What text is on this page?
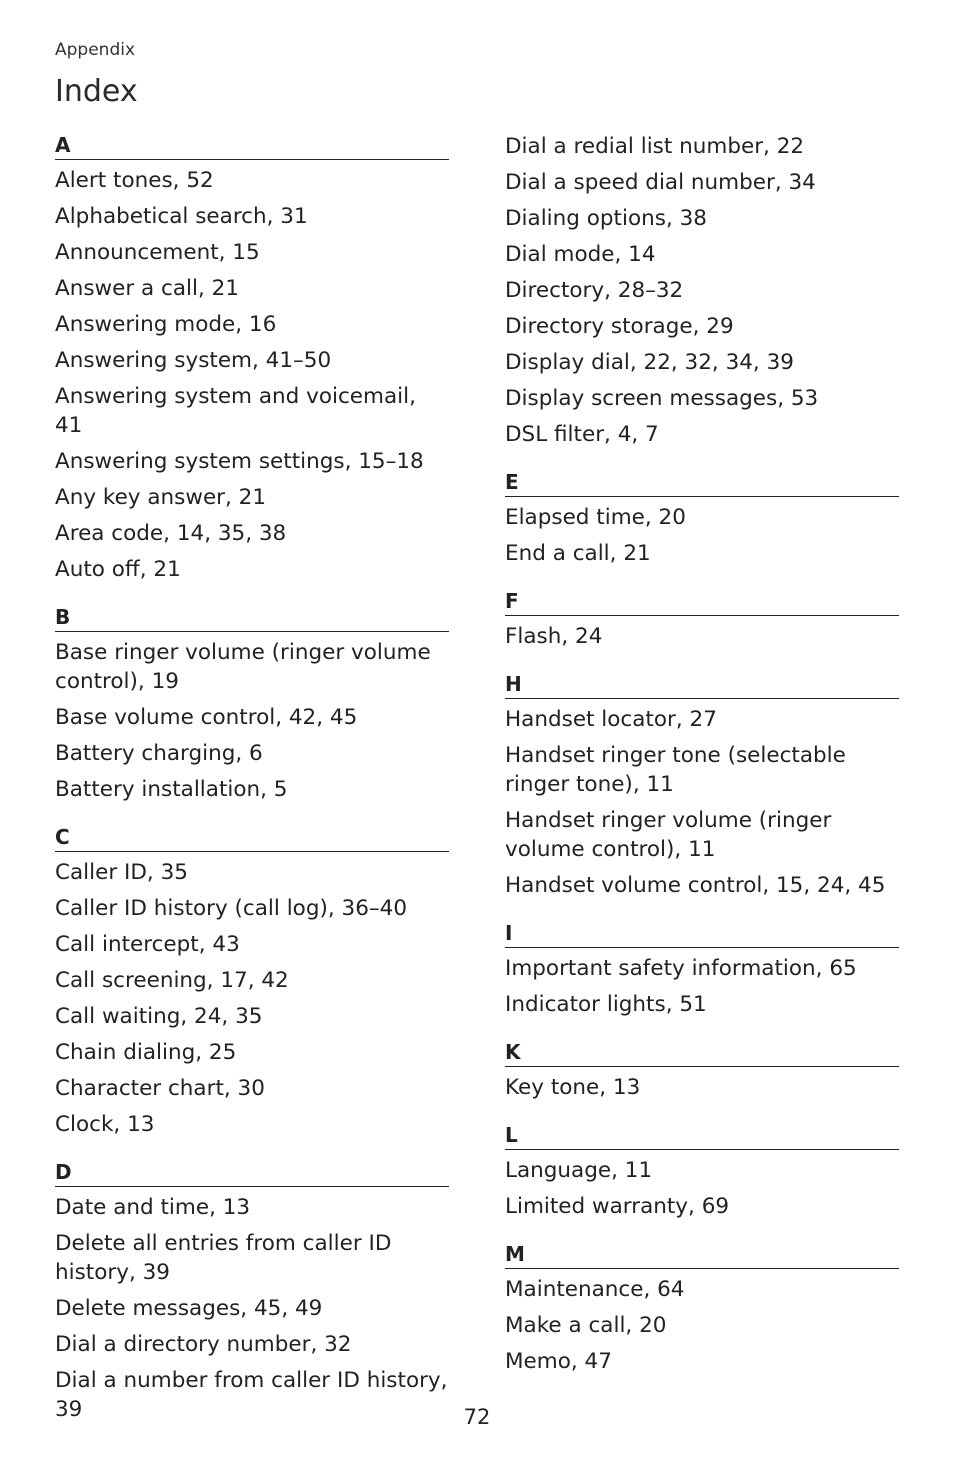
Appendix
Index
A
Alert tones, 52
Alphabetical search, 31
Announcement, 15
Answer a call, 21
Answering mode, 16
Answering system, 41–50
Answering system and voicemail, 41
Answering system settings, 15–18
Any key answer, 21
Area code, 14, 35, 38
Auto off, 21
B
Base ringer volume (ringer volume control), 19
Base volume control, 42, 45
Battery charging, 6
Battery installation, 5
C
Caller ID, 35
Caller ID history (call log), 36–40
Call intercept, 43
Call screening, 17, 42
Call waiting, 24, 35
Chain dialing, 25
Character chart, 30
Clock, 13
D
Date and time, 13
Delete all entries from caller ID history, 39
Delete messages, 45, 49
Dial a directory number, 32
Dial a number from caller ID history, 39
Dial a redial list number, 22
Dial a speed dial number, 34
Dialing options, 38
Dial mode, 14
Directory, 28–32
Directory storage, 29
Display dial, 22, 32, 34, 39
Display screen messages, 53
DSL filter, 4, 7
E
Elapsed time, 20
End a call, 21
F
Flash, 24
H
Handset locator, 27
Handset ringer tone (selectable ringer tone), 11
Handset ringer volume (ringer volume control), 11
Handset volume control, 15, 24, 45
I
Important safety information, 65
Indicator lights, 51
K
Key tone, 13
L
Language, 11
Limited warranty, 69
M
Maintenance, 64
Make a call, 20
Memo, 47
72
